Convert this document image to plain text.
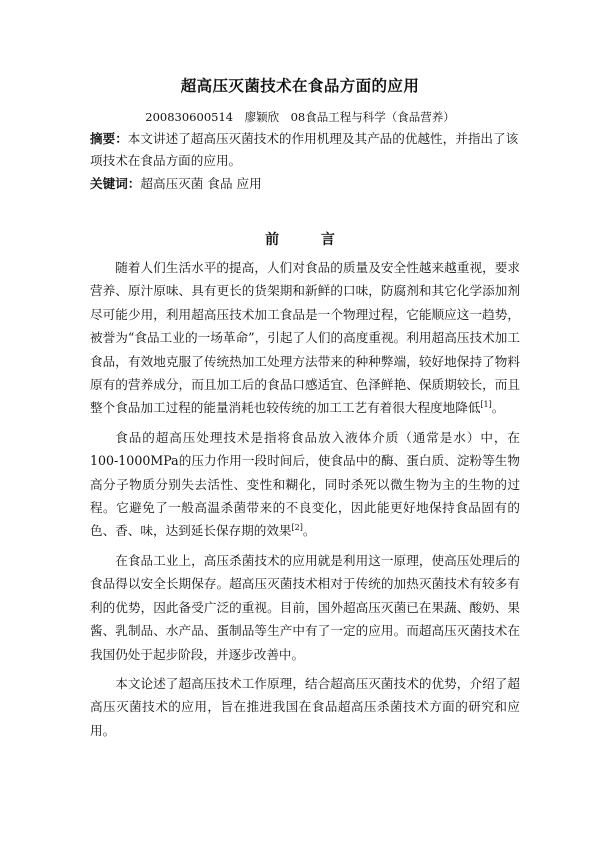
超高压灭菌技术在食品方面的应用
200830600514　廖颖欣　08食品工程与科学（食品营养）
摘要：本文讲述了超高压灭菌技术的作用机理及其产品的优越性，并指出了该项技术在食品方面的应用。
关键词：超高压灭菌 食品 应用
前	言

随着人们生活水平的提高，人们对食品的质量及安全性越来越重视，要求营养、原汁原味、具有更长的货架期和新鲜的口味，防腐剂和其它化学添加剂尽可能少用，利用超高压技术加工食品是一个物理过程，它能顺应这一趋势，被誉为“食品工业的一场革命”，引起了人们的高度重视。利用超高压技术加工食品，有效地克服了传统热加工处理方法带来的种种弊端，较好地保持了物料原有的营养成分，而且加工后的食品口感适宜、色泽鲜艳、保质期较长，而且整个食品加工过程的能量消耗也较传统的加工工艺有着很大程度地降低[1]。

食品的超高压处理技术是指将食品放入液体介质（通常是水）中，在100-1000MPa的压力作用一段时间后，使食品中的酶、蛋白质、淀粉等生物高分子物质分别失去活性、变性和糊化，同时杀死以微生物为主的生物的过程。它避免了一般高温杀菌带来的不良变化，因此能更好地保持食品固有的色、香、味，达到延长保存期的效果[2]。

在食品工业上，高压杀菌技术的应用就是利用这一原理，使高压处理后的食品得以安全长期保存。超高压灭菌技术相对于传统的加热灭菌技术有较多有利的优势，因此备受广泛的重视。目前，国外超高压灭菌已在果蔬、酸奶、果酱、乳制品、水产品、蛋制品等生产中有了一定的应用。而超高压灭菌技术在我国仍处于起步阶段，并逐步改善中。

本文论述了超高压技术工作原理，结合超高压灭菌技术的优势，介绍了超高压灭菌技术的应用，旨在推进我国在食品超高压杀菌技术方面的研究和应用。
